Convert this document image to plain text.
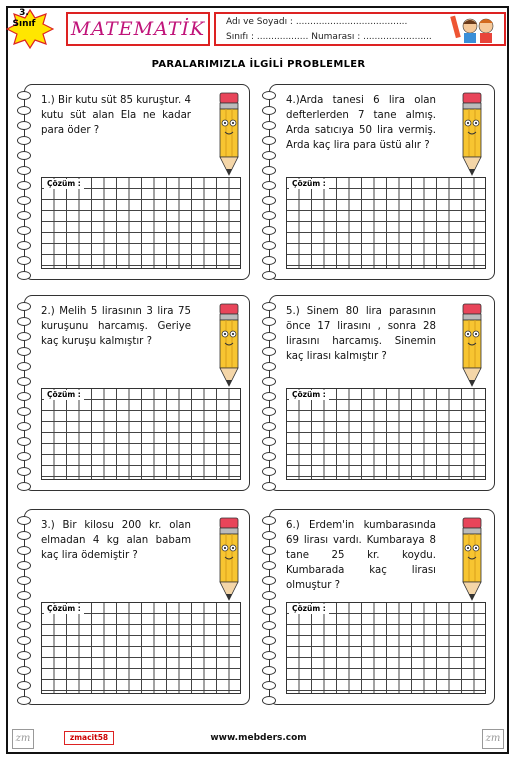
3.
Sınıf MATEMATİK Adı ve Soyadı : .......................................
Sınıfı : .................. Numarası : ........................
PARALARIMIZLA İLGİLİ PROBLEMLER
1.) Bir kutu süt 85 kuruştur. 4 kutu süt alan Ela ne kadar para öder ?
Çözüm :
4.)Arda tanesi 6 lira olan defterlerden 7 tane almış. Arda satıcıya 50 lira vermiş. Arda kaç lira para üstü alır ?
Çözüm :
2.) Melih 5 lirasının 3 lira 75 kuruşunu harcamış. Geriye kaç kuruşu kalmıştır ?
Çözüm :
5.) Sinem 80 lira parasının önce 17 lirasını , sonra 28 lirasını harcamış. Sinemin kaç lirası kalmıştır ?
Çözüm :
3.) Bir kilosu 200 kr. olan elmadan 4 kg alan babam kaç lira ödemiştir ?
Çözüm :
6.) Erdem'in kumbarasında 69 lirası vardı. Kumbaraya 8 tane 25 kr. koydu. Kumbarada kaç lirası olmuştur ?
Çözüm :
zm	zmacit58	www.mebders.com	zm
